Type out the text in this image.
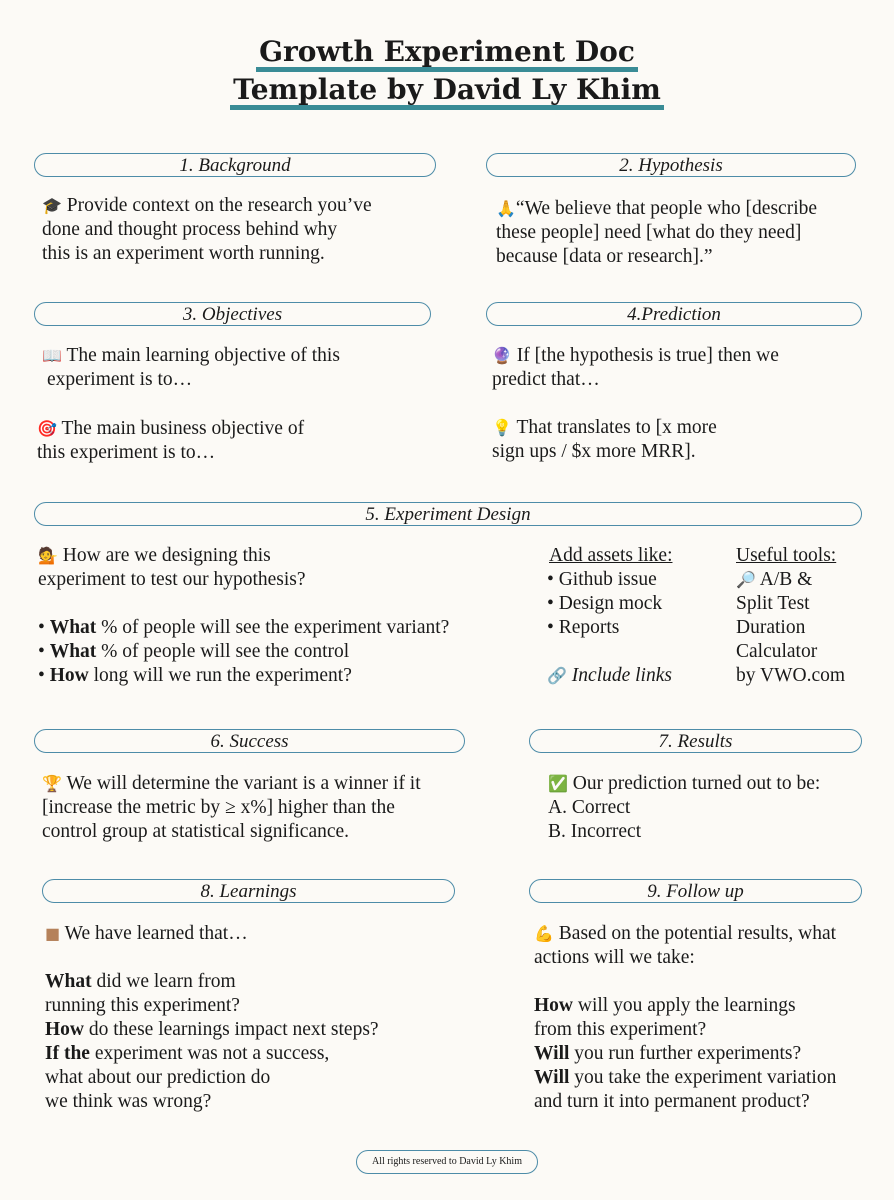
Growth Experiment Doc
Template by David Ly Khim
1. Background

🎓 Provide context on the research you’ve

done and thought process behind why

this is an experiment worth running.

2. Hypothesis

🙏“We believe that people who [describe

these people] need [what do they need]

because [data or research].”

3. Objectives

📖 The main learning objective of this

experiment is to…

🎯 The main business objective of

this experiment is to…

4.Prediction

🔮 If [the hypothesis is true] then we

predict that…

💡 That translates to [x more

sign ups / $x more MRR].

5. Experiment Design

💁 How are we designing this

experiment to test our hypothesis?

• What % of people will see the experiment variant?

• What % of people will see the control

• How long will we run the experiment?

Add assets like:

• Github issue

• Design mock

• Reports

🔗 Include links

Useful tools:

🔎 A/B &

Split Test

Duration

Calculator

by VWO.com

6. Success

🏆 We will determine the variant is a winner if it

[increase the metric by ≥ x%] higher than the

control group at statistical significance.

7. Results

✅ Our prediction turned out to be:

A. Correct

B. Incorrect

8. Learnings

■ We have learned that…

What did we learn from

running this experiment?

How do these learnings impact next steps?

If the experiment was not a success,

what about our prediction do

we think was wrong?

9. Follow up

💪 Based on the potential results, what

actions will we take:

How will you apply the learnings

from this experiment?

Will you run further experiments?

Will you take the experiment variation

and turn it into permanent product?

All rights reserved to David Ly Khim
